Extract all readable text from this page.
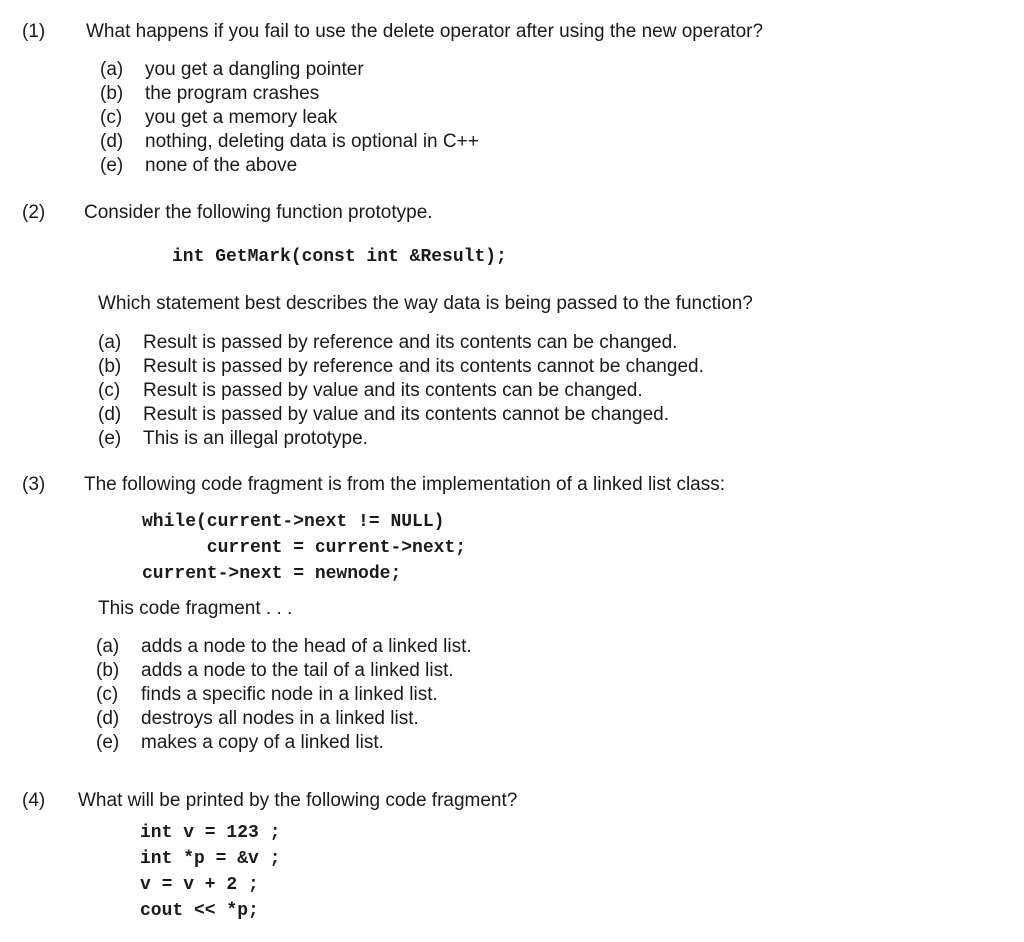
(1) What happens if you fail to use the delete operator after using the new operator?
(a)	you get a dangling pointer
(b)	the program crashes
(c)	you get a memory leak
(d)	nothing, deleting data is optional in C++
(e)	none of the above
(2) Consider the following function prototype.
int GetMark(const int &Result);
Which statement best describes the way data is being passed to the function?
(a)	Result is passed by reference and its contents can be changed.
(b)	Result is passed by reference and its contents cannot be changed.
(c)	Result is passed by value and its contents can be changed.
(d)	Result is passed by value and its contents cannot be changed.
(e)	This is an illegal prototype.
(3) The following code fragment is from the implementation of a linked list class:
while(current->next != NULL)
current = current->next;
current->next = newnode;
This code fragment . . .
(a)	adds a node to the head of a linked list.
(b)	adds a node to the tail of a linked list.
(c)	finds a specific node in a linked list.
(d)	destroys all nodes in a linked list.
(e)	makes a copy of a linked list.
(4) What will be printed by the following code fragment?
int v = 123 ;
int *p = &v ;
v = v + 2 ;
cout << *p;
